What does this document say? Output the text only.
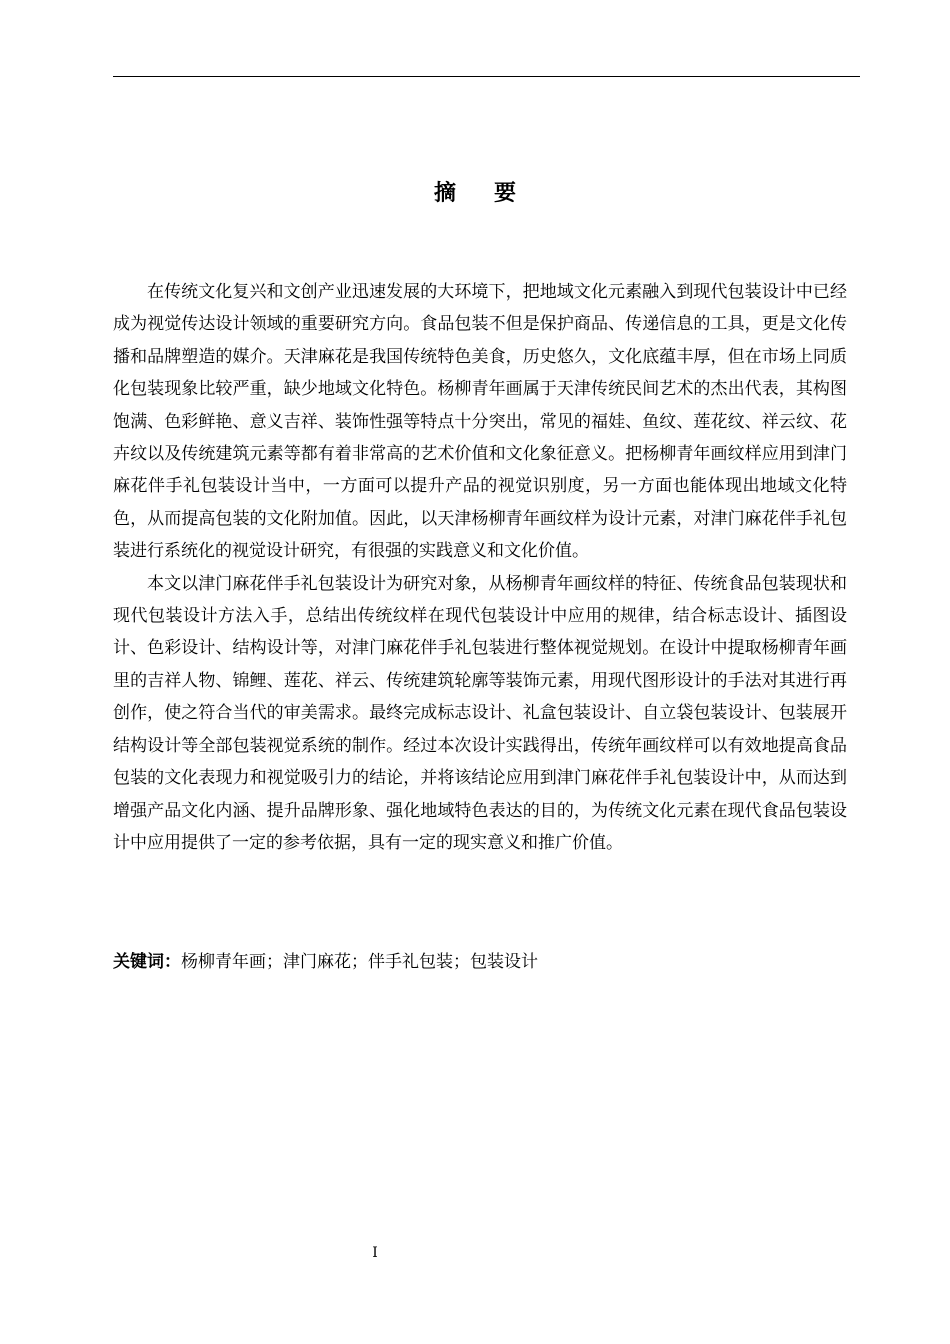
摘要

在传统文化复兴和文创产业迅速发展的大环境下，把地域文化元素融入到现代包装设计中已经成为视觉传达设计领域的重要研究方向。食品包装不但是保护商品、传递信息的工具，更是文化传播和品牌塑造的媒介。天津麻花是我国传统特色美食，历史悠久，文化底蕴丰厚，但在市场上同质化包装现象比较严重，缺少地域文化特色。杨柳青年画属于天津传统民间艺术的杰出代表，其构图饱满、色彩鲜艳、意义吉祥、装饰性强等特点十分突出，常见的福娃、鱼纹、莲花纹、祥云纹、花卉纹以及传统建筑元素等都有着非常高的艺术价值和文化象征意义。把杨柳青年画纹样应用到津门麻花伴手礼包装设计当中，一方面可以提升产品的视觉识别度，另一方面也能体现出地域文化特色，从而提高包装的文化附加值。因此，以天津杨柳青年画纹样为设计元素，对津门麻花伴手礼包装进行系统化的视觉设计研究，有很强的实践意义和文化价值。

本文以津门麻花伴手礼包装设计为研究对象，从杨柳青年画纹样的特征、传统食品包装现状和现代包装设计方法入手，总结出传统纹样在现代包装设计中应用的规律，结合标志设计、插图设计、色彩设计、结构设计等，对津门麻花伴手礼包装进行整体视觉规划。在设计中提取杨柳青年画里的吉祥人物、锦鲤、莲花、祥云、传统建筑轮廓等装饰元素，用现代图形设计的手法对其进行再创作，使之符合当代的审美需求。最终完成标志设计、礼盒包装设计、自立袋包装设计、包装展开结构设计等全部包装视觉系统的制作。经过本次设计实践得出，传统年画纹样可以有效地提高食品包装的文化表现力和视觉吸引力的结论，并将该结论应用到津门麻花伴手礼包装设计中，从而达到增强产品文化内涵、提升品牌形象、强化地域特色表达的目的，为传统文化元素在现代食品包装设计中应用提供了一定的参考依据，具有一定的现实意义和推广价值。

关键词：杨柳青年画；津门麻花；伴手礼包装；包装设计
I
